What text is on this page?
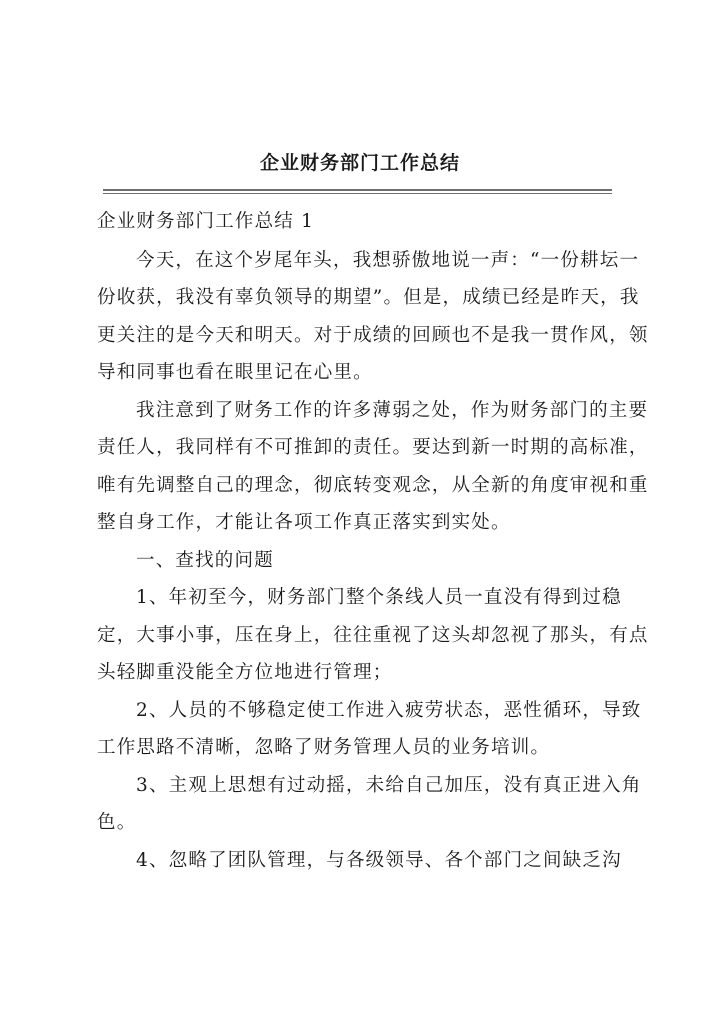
企业财务部门工作总结
企业财务部门工作总结 1
今天，在这个岁尾年头，我想骄傲地说一声：“一份耕坛一
份收获，我没有辜负领导的期望”。但是，成绩已经是昨天，我
更关注的是今天和明天。对于成绩的回顾也不是我一贯作风，领
导和同事也看在眼里记在心里。
我注意到了财务工作的许多薄弱之处，作为财务部门的主要
责任人，我同样有不可推卸的责任。要达到新一时期的高标准，
唯有先调整自己的理念，彻底转变观念，从全新的角度审视和重
整自身工作，才能让各项工作真正落实到实处。
一、查找的问题
1、年初至今，财务部门整个条线人员一直没有得到过稳
定，大事小事，压在身上，往往重视了这头却忽视了那头，有点
头轻脚重没能全方位地进行管理；
2、人员的不够稳定使工作进入疲劳状态，恶性循环，导致
工作思路不清晰，忽略了财务管理人员的业务培训。
3、主观上思想有过动摇，未给自己加压，没有真正进入角
色。
4、忽略了团队管理，与各级领导、各个部门之间缺乏沟
